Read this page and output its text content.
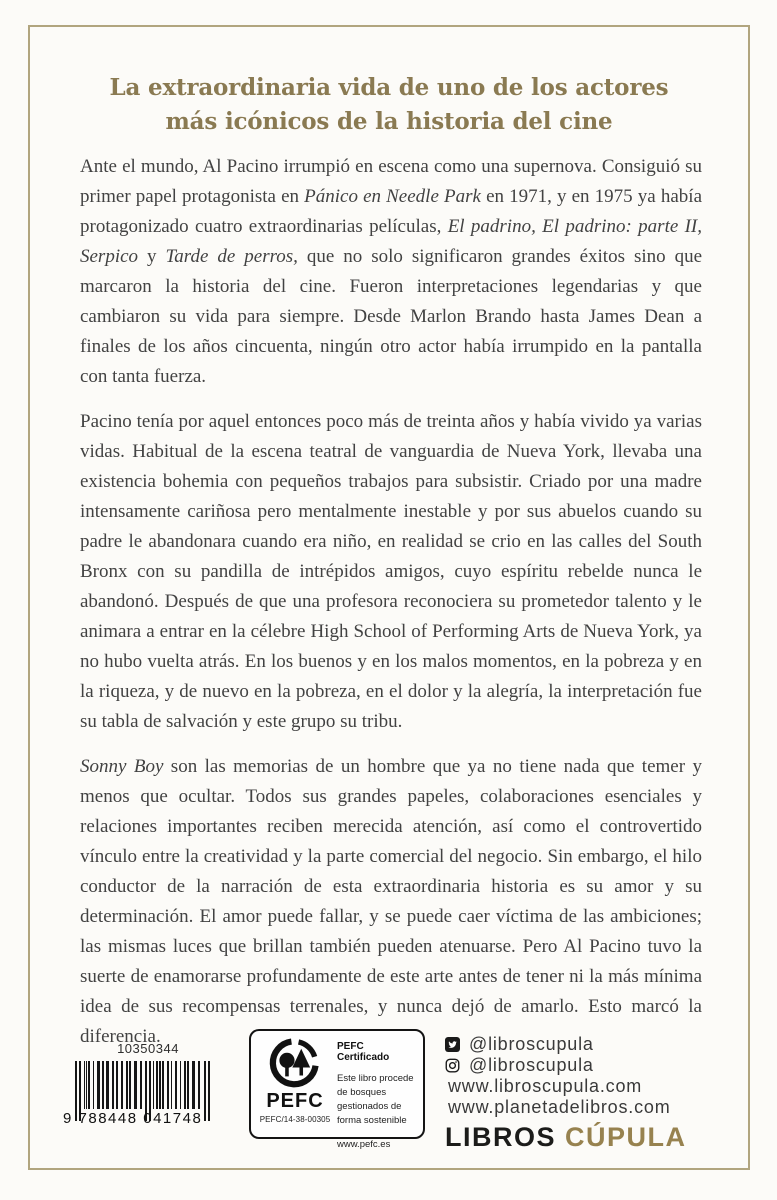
La extraordinaria vida de uno de los actores
más icónicos de la historia del cine

Ante el mundo, Al Pacino irrumpió en escena como una supernova. Consiguió su primer papel protagonista en Pánico en Needle Park en 1971, y en 1975 ya había protagonizado cuatro extraordinarias películas, El padrino, El padrino: parte II, Serpico y Tarde de perros, que no solo significaron grandes éxitos sino que marcaron la historia del cine. Fueron interpretaciones legendarias y que cambiaron su vida para siempre. Desde Marlon Brando hasta James Dean a finales de los años cincuenta, ningún otro actor había irrumpido en la pantalla con tanta fuerza.

Pacino tenía por aquel entonces poco más de treinta años y había vivido ya varias vidas. Habitual de la escena teatral de vanguardia de Nueva York, llevaba una existencia bohemia con pequeños trabajos para subsistir. Criado por una madre intensamente cariñosa pero mentalmente inestable y por sus abuelos cuando su padre le abandonara cuando era niño, en realidad se crio en las calles del South Bronx con su pandilla de intrépidos amigos, cuyo espíritu rebelde nunca le abandonó. Después de que una profesora reconociera su prometedor talento y le animara a entrar en la célebre High School of Performing Arts de Nueva York, ya no hubo vuelta atrás. En los buenos y en los malos momentos, en la pobreza y en la riqueza, y de nuevo en la pobreza, en el dolor y la alegría, la interpretación fue su tabla de salvación y este grupo su tribu.

Sonny Boy son las memorias de un hombre que ya no tiene nada que temer y menos que ocultar. Todos sus grandes papeles, colaboraciones esenciales y relaciones importantes reciben merecida atención, así como el controvertido vínculo entre la creatividad y la parte comercial del negocio. Sin embargo, el hilo conductor de la narración de esta extraordinaria historia es su amor y su determinación. El amor puede fallar, y se puede caer víctima de las ambiciones; las mismas luces que brillan también pueden atenuarse. Pero Al Pacino tuvo la suerte de enamorarse profundamente de este arte antes de tener ni la más mínima idea de sus recompensas terrenales, y nunca dejó de amarlo. Esto marcó la diferencia.

10350344
9 788448 041748
PEFC
PEFC/14-38-00305
PEFC Certificado
Este libro procede de bosques gestionados de forma sostenible
www.pefc.es
@libroscupula
@libroscupula
www.libroscupula.com
www.planetadelibros.com
LIBROS CÚPULA
